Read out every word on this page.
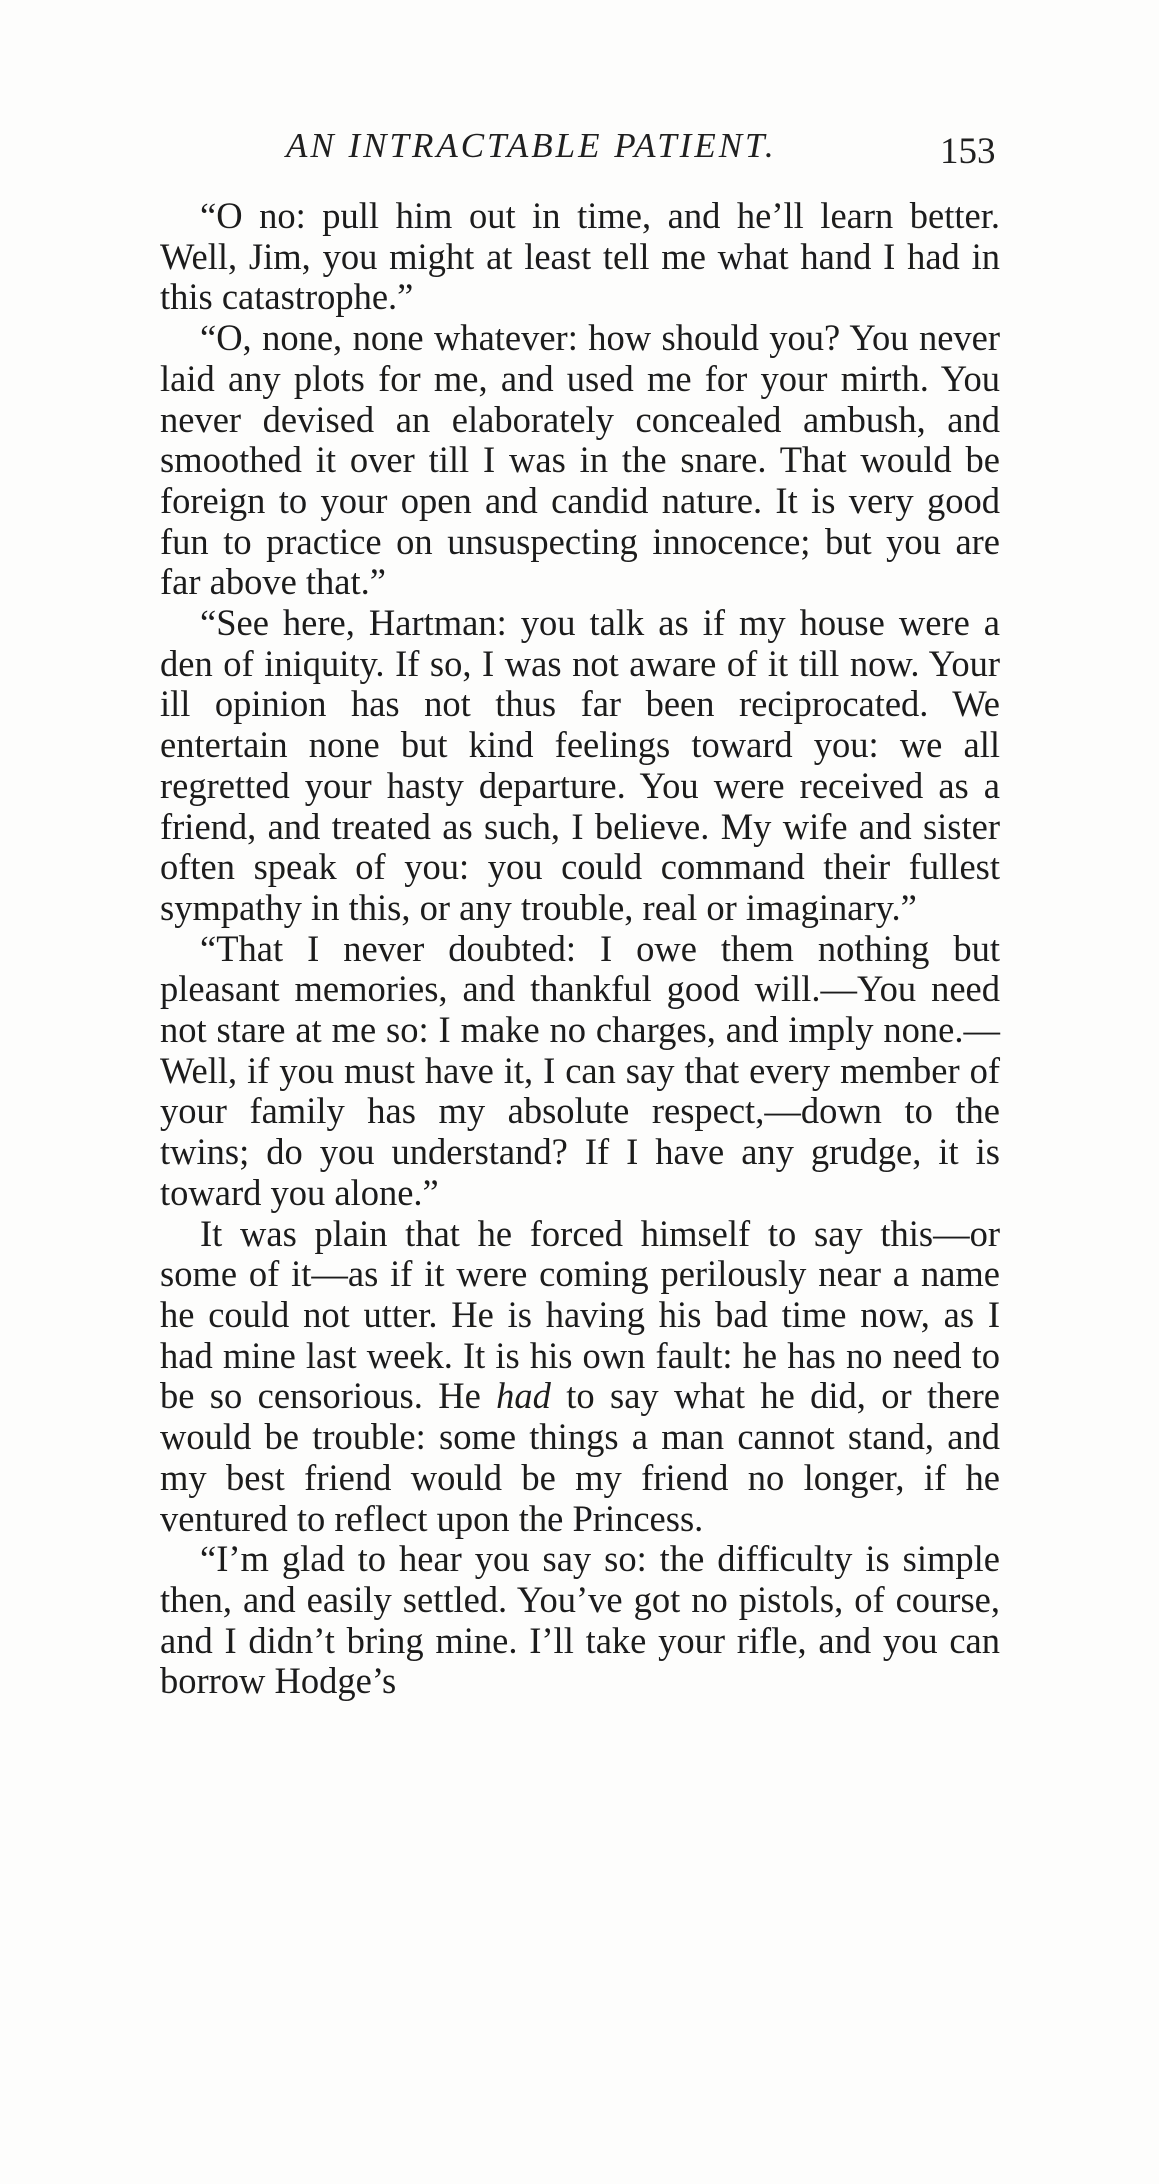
AN INTRACTABLE PATIENT.	153

“O no: pull him out in time, and he’ll learn better. Well, Jim, you might at least tell me what hand I had in this catastrophe.”

“O, none, none whatever: how should you? You never laid any plots for me, and used me for your mirth. You never devised an elaborately concealed ambush, and smoothed it over till I was in the snare. That would be foreign to your open and candid nature. It is very good fun to practice on unsuspecting innocence; but you are far above that.”

“See here, Hartman: you talk as if my house were a den of iniquity. If so, I was not aware of it till now. Your ill opinion has not thus far been reciprocated. We entertain none but kind feelings toward you: we all regretted your hasty departure. You were received as a friend, and treated as such, I believe. My wife and sister often speak of you: you could command their fullest sympathy in this, or any trouble, real or imaginary.”

“That I never doubted: I owe them nothing but pleasant memories, and thankful good will.—You need not stare at me so: I make no charges, and imply none.—Well, if you must have it, I can say that every member of your family has my absolute respect,—down to the twins; do you understand? If I have any grudge, it is toward you alone.”

It was plain that he forced himself to say this—or some of it—as if it were coming perilously near a name he could not utter. He is having his bad time now, as I had mine last week. It is his own fault: he has no need to be so censorious. He had to say what he did, or there would be trouble: some things a man cannot stand, and my best friend would be my friend no longer, if he ventured to reflect upon the Princess.

“I’m glad to hear you say so: the difficulty is simple then, and easily settled. You’ve got no pistols, of course, and I didn’t bring mine. I’ll take your rifle, and you can borrow Hodge’s
